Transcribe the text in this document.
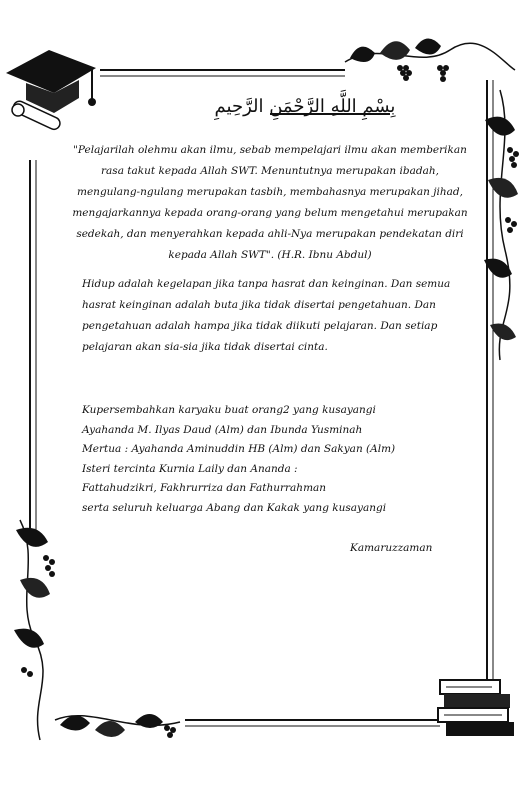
بِسْمِ اللَّهِ الرَّحْمَنِ الرَّحِيمِ
"Pelajarilah olehmu akan ilmu, sebab mempelajari ilmu akan memberikan rasa takut kepada Allah SWT. Menuntutnya merupakan ibadah, mengulang-ngulang merupakan tasbih, membahasnya merupakan jihad, mengajarkannya kepada orang-orang yang belum mengetahui merupakan sedekah, dan menyerahkan kepada ahli-Nya merupakan pendekatan diri kepada Allah SWT". (H.R. Ibnu Abdul)
Hidup adalah kegelapan jika tanpa hasrat dan keinginan. Dan semua hasrat keinginan adalah buta jika tidak disertai pengetahuan. Dan pengetahuan adalah hampa jika tidak diikuti pelajaran. Dan setiap pelajaran akan sia-sia jika tidak disertai cinta.
Kupersembahkan karyaku buat orang2 yang kusayangi
Ayahanda M. Ilyas Daud (Alm) dan Ibunda Yusminah
Mertua : Ayahanda Aminuddin HB (Alm) dan Sakyan (Alm)
Isteri tercinta Kurnia Laily dan Ananda :
Fattahudzikri, Fakhrurriza dan Fathurrahman
serta seluruh keluarga Abang dan Kakak yang kusayangi
Kamaruzzaman
